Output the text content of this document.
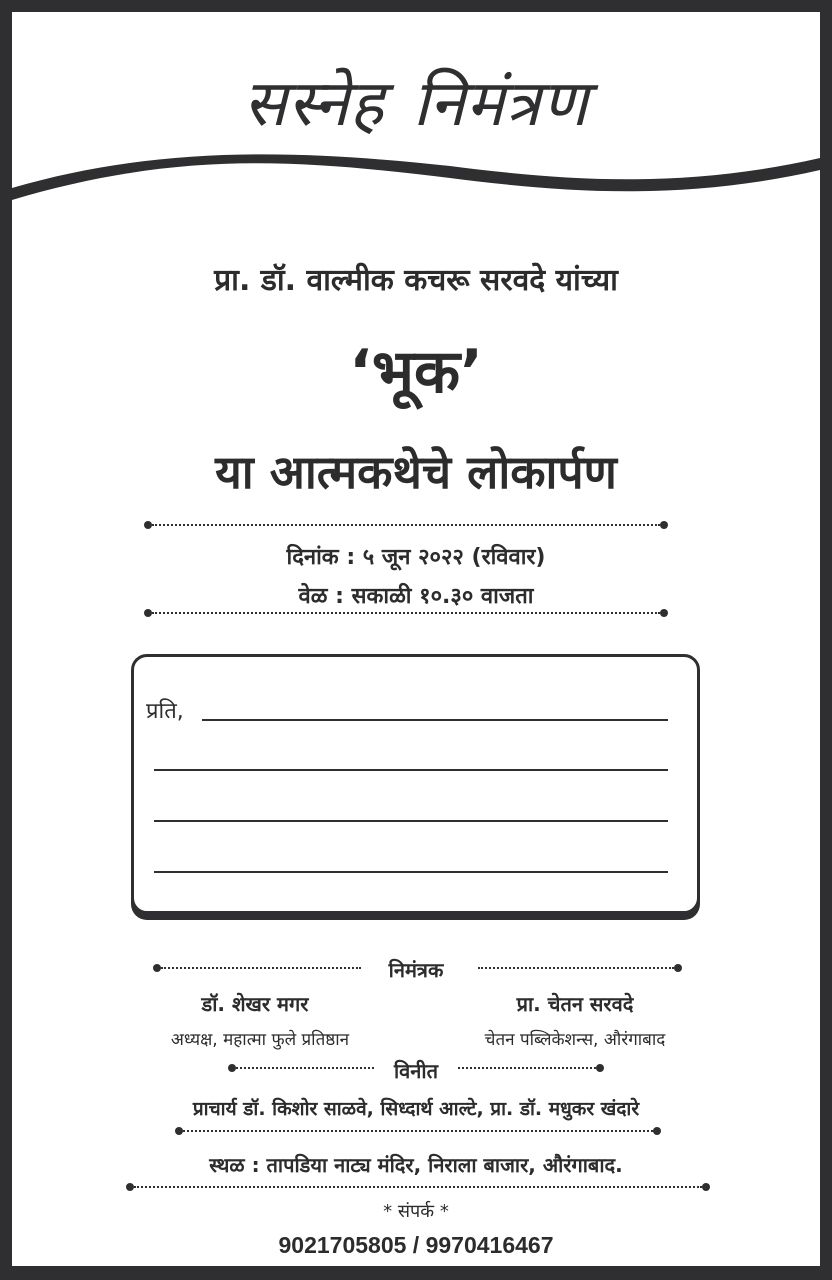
सस्नेह निमंत्रण
प्रा. डॉ. वाल्मीक कचरू सरवदे यांच्या
‘भूक’
या आत्मकथेचे लोकार्पण
दिनांक : ५ जून २०२२ (रविवार)
वेळ : सकाळी १०.३० वाजता
प्रति,
निमंत्रक
डॉ. शेखर मगर
अध्यक्ष, महात्मा फुले प्रतिष्ठान
प्रा. चेतन सरवदे
चेतन पब्लिकेशन्स, औरंगाबाद
विनीत
प्राचार्य डॉ. किशोर साळवे, सिध्दार्थ आल्टे, प्रा. डॉ. मधुकर खंदारे
स्थळ : तापडिया नाट्य मंदिर, निराला बाजार, औरंगाबाद.
* संपर्क *
9021705805 / 9970416467
